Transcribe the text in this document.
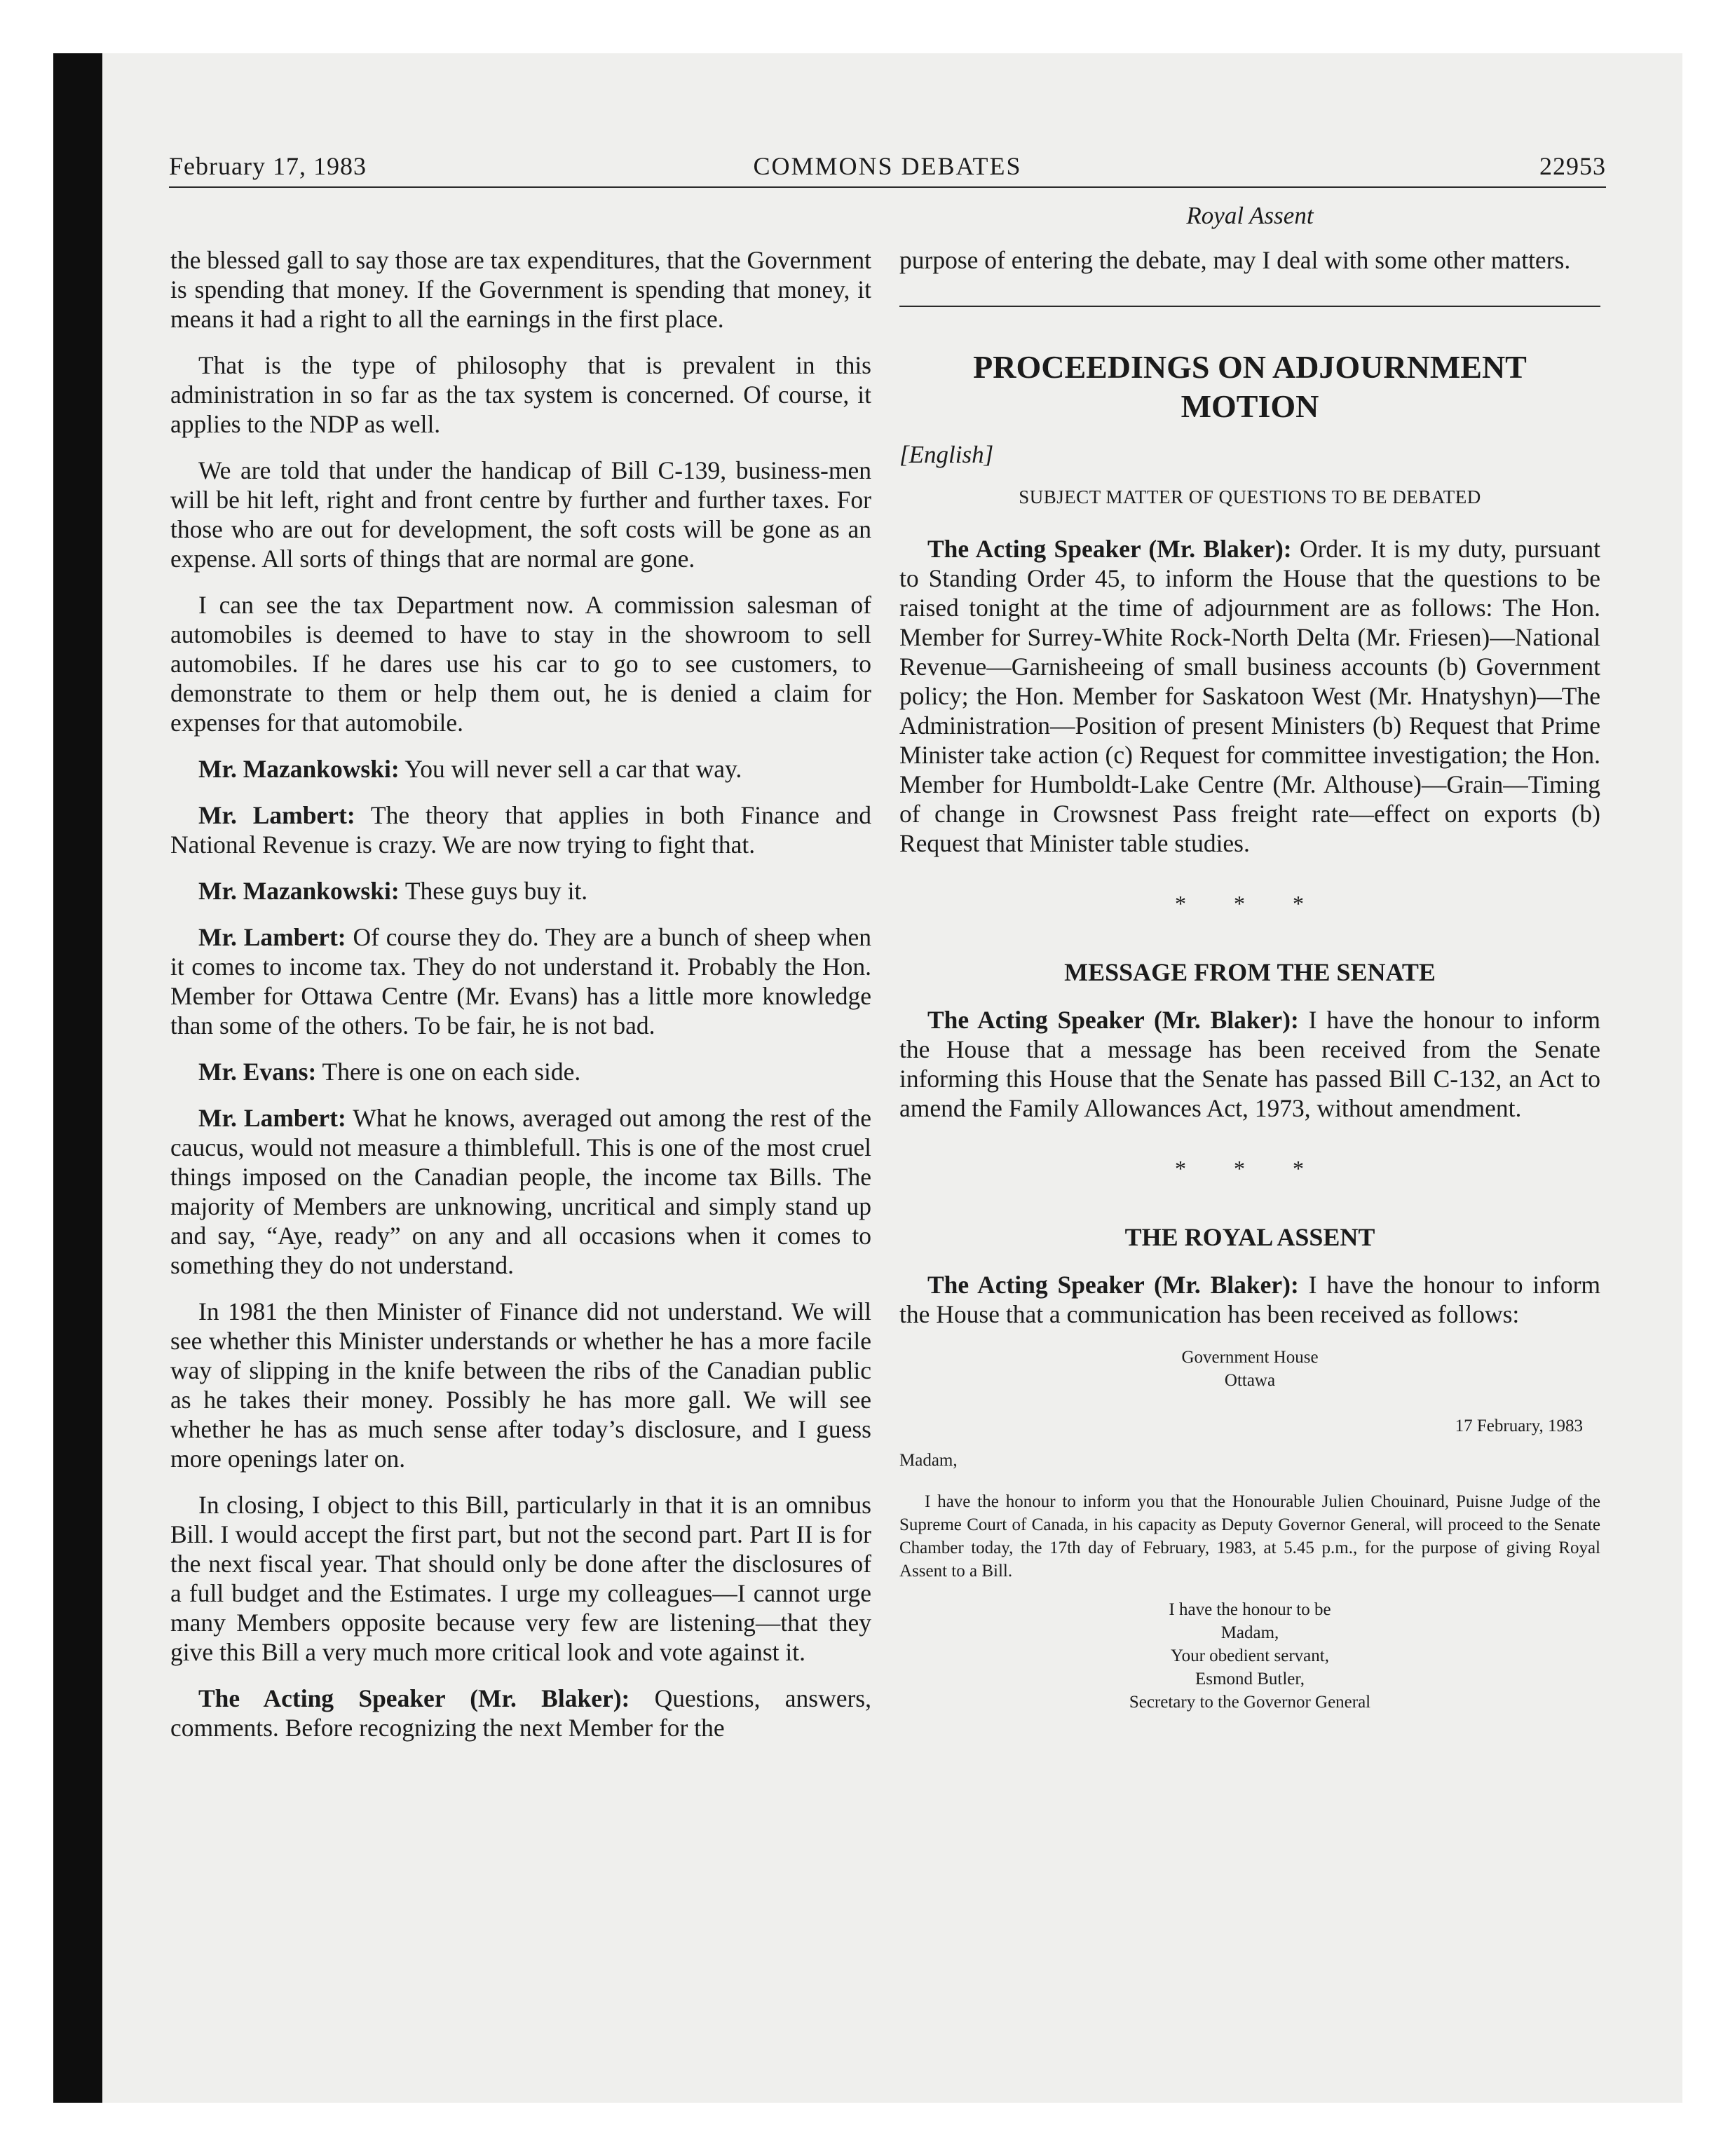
February 17, 1983	COMMONS DEBATES	22953
Royal Assent

the blessed gall to say those are tax expenditures, that the Government is spending that money. If the Government is spending that money, it means it had a right to all the earnings in the first place.

That is the type of philosophy that is prevalent in this administration in so far as the tax system is concerned. Of course, it applies to the NDP as well.

We are told that under the handicap of Bill C-139, business-men will be hit left, right and front centre by further and further taxes. For those who are out for development, the soft costs will be gone as an expense. All sorts of things that are normal are gone.

I can see the tax Department now. A commission salesman of automobiles is deemed to have to stay in the showroom to sell automobiles. If he dares use his car to go to see customers, to demonstrate to them or help them out, he is denied a claim for expenses for that automobile.

Mr. Mazankowski: You will never sell a car that way.

Mr. Lambert: The theory that applies in both Finance and National Revenue is crazy. We are now trying to fight that.

Mr. Mazankowski: These guys buy it.

Mr. Lambert: Of course they do. They are a bunch of sheep when it comes to income tax. They do not understand it. Probably the Hon. Member for Ottawa Centre (Mr. Evans) has a little more knowledge than some of the others. To be fair, he is not bad.

Mr. Evans: There is one on each side.

Mr. Lambert: What he knows, averaged out among the rest of the caucus, would not measure a thimblefull. This is one of the most cruel things imposed on the Canadian people, the income tax Bills. The majority of Members are unknowing, uncritical and simply stand up and say, “Aye, ready” on any and all occasions when it comes to something they do not understand.

In 1981 the then Minister of Finance did not understand. We will see whether this Minister understands or whether he has a more facile way of slipping in the knife between the ribs of the Canadian public as he takes their money. Possibly he has more gall. We will see whether he has as much sense after today’s disclosure, and I guess more openings later on.

In closing, I object to this Bill, particularly in that it is an omnibus Bill. I would accept the first part, but not the second part. Part II is for the next fiscal year. That should only be done after the disclosures of a full budget and the Estimates. I urge my colleagues—I cannot urge many Members opposite because very few are listening—that they give this Bill a very much more critical look and vote against it.

The Acting Speaker (Mr. Blaker): Questions, answers, comments. Before recognizing the next Member for the

purpose of entering the debate, may I deal with some other matters.

PROCEEDINGS ON ADJOURNMENT MOTION
[English]
SUBJECT MATTER OF QUESTIONS TO BE DEBATED

The Acting Speaker (Mr. Blaker): Order. It is my duty, pursuant to Standing Order 45, to inform the House that the questions to be raised tonight at the time of adjournment are as follows: The Hon. Member for Surrey-White Rock-North Delta (Mr. Friesen)—National Revenue—Garnisheeing of small business accounts (b) Government policy; the Hon. Member for Saskatoon West (Mr. Hnatyshyn)—The Administration—Position of present Ministers (b) Request that Prime Minister take action (c) Request for committee investigation; the Hon. Member for Humboldt-Lake Centre (Mr. Althouse)—Grain—Timing of change in Crowsnest Pass freight rate—effect on exports (b) Request that Minister table studies.

* * *
MESSAGE FROM THE SENATE

The Acting Speaker (Mr. Blaker): I have the honour to inform the House that a message has been received from the Senate informing this House that the Senate has passed Bill C-132, an Act to amend the Family Allowances Act, 1973, without amendment.

* * *
THE ROYAL ASSENT

The Acting Speaker (Mr. Blaker): I have the honour to inform the House that a communication has been received as follows:

Government House
Ottawa
17 February, 1983
Madam,
I have the honour to inform you that the Honourable Julien Chouinard, Puisne Judge of the Supreme Court of Canada, in his capacity as Deputy Governor General, will proceed to the Senate Chamber today, the 17th day of February, 1983, at 5.45 p.m., for the purpose of giving Royal Assent to a Bill.
I have the honour to be
Madam,
Your obedient servant,
Esmond Butler,
Secretary to the Governor General
